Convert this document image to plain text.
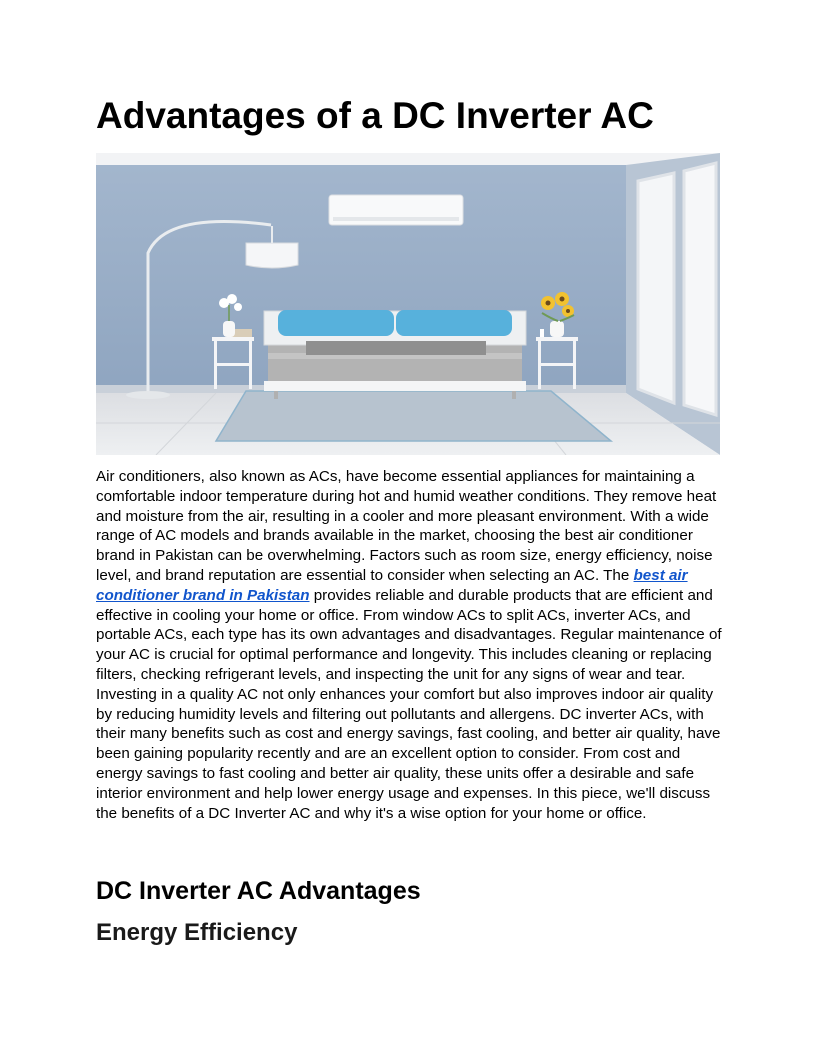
Advantages of a DC Inverter AC

Air conditioners, also known as ACs, have become essential appliances for maintaining a comfortable indoor temperature during hot and humid weather conditions. They remove heat and moisture from the air, resulting in a cooler and more pleasant environment. With a wide range of AC models and brands available in the market, choosing the best air conditioner brand in Pakistan can be overwhelming. Factors such as room size, energy efficiency, noise level, and brand reputation are essential to consider when selecting an AC. The best air conditioner brand in Pakistan provides reliable and durable products that are efficient and effective in cooling your home or office. From window ACs to split ACs, inverter ACs, and portable ACs, each type has its own advantages and disadvantages. Regular maintenance of your AC is crucial for optimal performance and longevity. This includes cleaning or replacing filters, checking refrigerant levels, and inspecting the unit for any signs of wear and tear. Investing in a quality AC not only enhances your comfort but also improves indoor air quality by reducing humidity levels and filtering out pollutants and allergens. DC inverter ACs, with their many benefits such as cost and energy savings, fast cooling, and better air quality, have been gaining popularity recently and are an excellent option to consider. From cost and energy savings to fast cooling and better air quality, these units offer a desirable and safe interior environment and help lower energy usage and expenses. In this piece, we'll discuss the benefits of a DC Inverter AC and why it's a wise option for your home or office.

DC Inverter AC Advantages
Energy Efficiency
